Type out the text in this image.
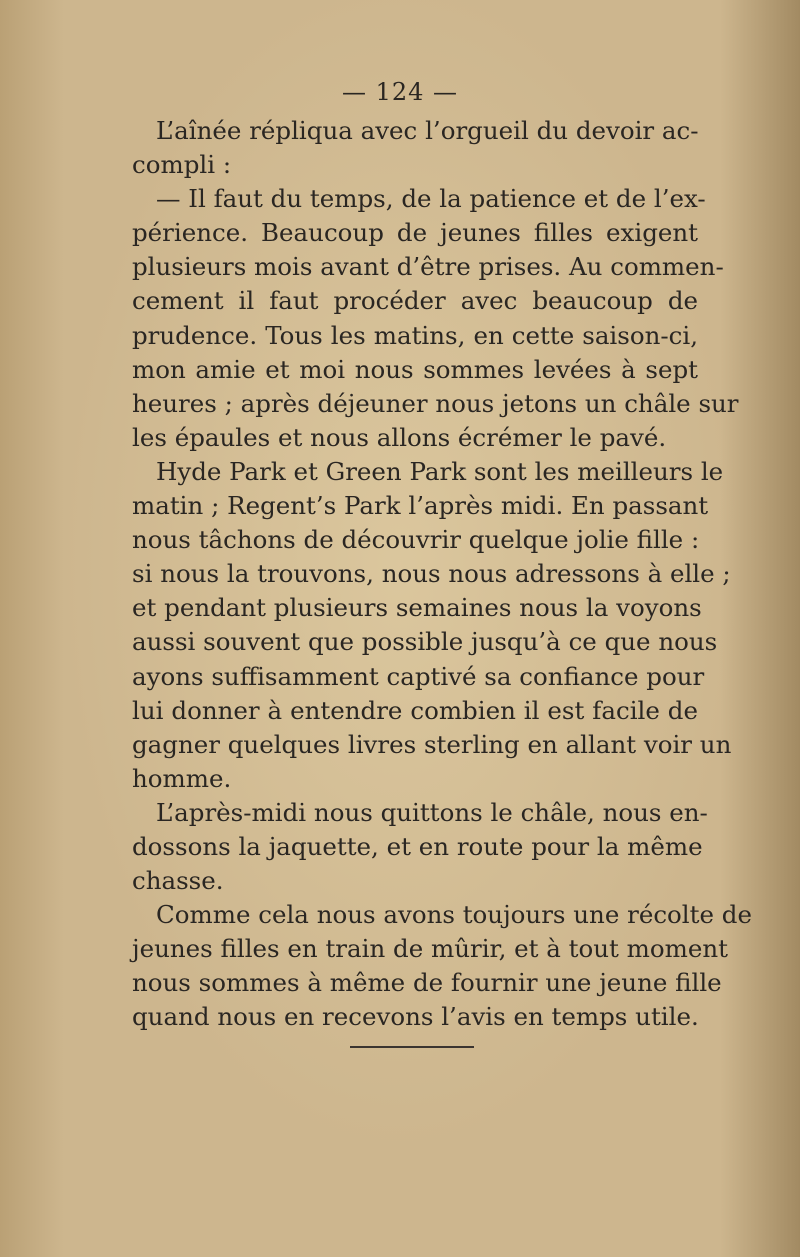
— 124 —
L’aînée répliqua avec l’orgueil du devoir ac-
compli :
— Il faut du temps, de la patience et de l’ex-
périence. Beaucoup de jeunes filles exigent
plusieurs mois avant d’être prises. Au commen-
cement il faut procéder avec beaucoup de
prudence. Tous les matins, en cette saison-ci,
mon amie et moi nous sommes levées à sept
heures ; après déjeuner nous jetons un châle sur
les épaules et nous allons écrémer le pavé.
Hyde Park et Green Park sont les meilleurs le
matin ; Regent’s Park l’après midi. En passant
nous tâchons de découvrir quelque jolie fille :
si nous la trouvons, nous nous adressons à elle ;
et pendant plusieurs semaines nous la voyons
aussi souvent que possible jusqu’à ce que nous
ayons suffisamment captivé sa confiance pour
lui donner à entendre combien il est facile de
gagner quelques livres sterling en allant voir un
homme.
L’après-midi nous quittons le châle, nous en-
dossons la jaquette, et en route pour la même
chasse.
Comme cela nous avons toujours une récolte de
jeunes filles en train de mûrir, et à tout moment
nous sommes à même de fournir une jeune fille
quand nous en recevons l’avis en temps utile.
